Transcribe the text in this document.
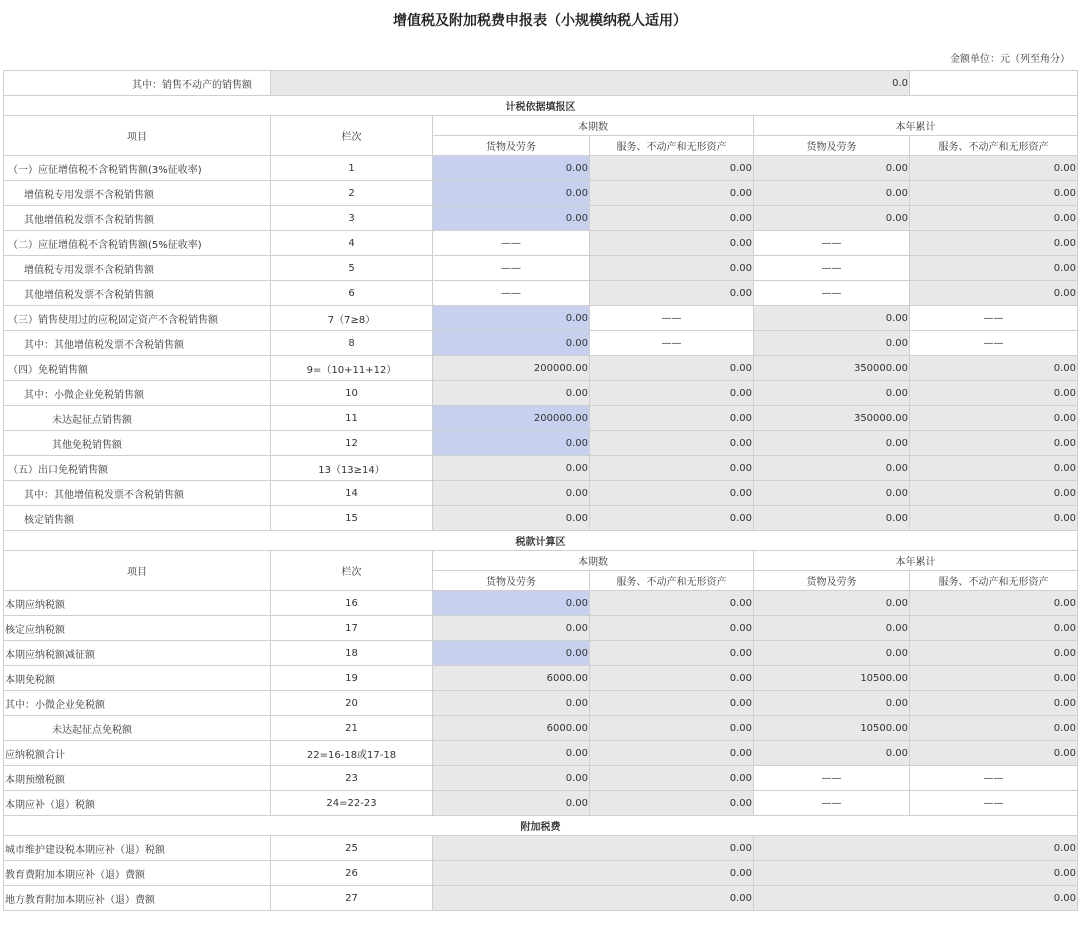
增值税及附加税费申报表（小规模纳税人适用）
金额单位：元（列至角分）
其中：销售不动产的销售额	0.0				
计税依据填报区					
项目	栏次	本期数		本年累计	
		货物及劳务	服务、不动产和无形资产	货物及劳务	服务、不动产和无形资产
（一）应征增值税不含税销售额(3%征收率)	1	0.00	0.00	0.00	0.00
增值税专用发票不含税销售额	2	0.00	0.00	0.00	0.00
其他增值税发票不含税销售额	3	0.00	0.00	0.00	0.00
（二）应征增值税不含税销售额(5%征收率)	4	——	0.00	——	0.00
增值税专用发票不含税销售额	5	——	0.00	——	0.00
其他增值税发票不含税销售额	6	——	0.00	——	0.00
（三）销售使用过的应税固定资产不含税销售额	7（7≥8）	0.00	——	0.00	——
其中：其他增值税发票不含税销售额	8	0.00	——	0.00	——
（四）免税销售额	9=（10+11+12）	200000.00	0.00	350000.00	0.00
其中：小微企业免税销售额	10	0.00	0.00	0.00	0.00
未达起征点销售额	11	200000.00	0.00	350000.00	0.00
其他免税销售额	12	0.00	0.00	0.00	0.00
（五）出口免税销售额	13（13≥14）	0.00	0.00	0.00	0.00
其中：其他增值税发票不含税销售额	14	0.00	0.00	0.00	0.00
核定销售额	15	0.00	0.00	0.00	0.00
税款计算区					
项目	栏次	本期数		本年累计	
		货物及劳务	服务、不动产和无形资产	货物及劳务	服务、不动产和无形资产
本期应纳税额	16	0.00	0.00	0.00	0.00
核定应纳税额	17	0.00	0.00	0.00	0.00
本期应纳税额减征额	18	0.00	0.00	0.00	0.00
本期免税额	19	6000.00	0.00	10500.00	0.00
其中：小微企业免税额	20	0.00	0.00	0.00	0.00
未达起征点免税额	21	6000.00	0.00	10500.00	0.00
应纳税额合计	22=16-18或17-18	0.00	0.00	0.00	0.00
本期预缴税额	23	0.00	0.00	——	——
本期应补（退）税额	24=22-23	0.00	0.00	——	——
附加税费					
城市维护建设税本期应补（退）税额	25	0.00		0.00	
教育费附加本期应补（退）费额	26	0.00		0.00	
地方教育附加本期应补（退）费额	27	0.00		0.00	
